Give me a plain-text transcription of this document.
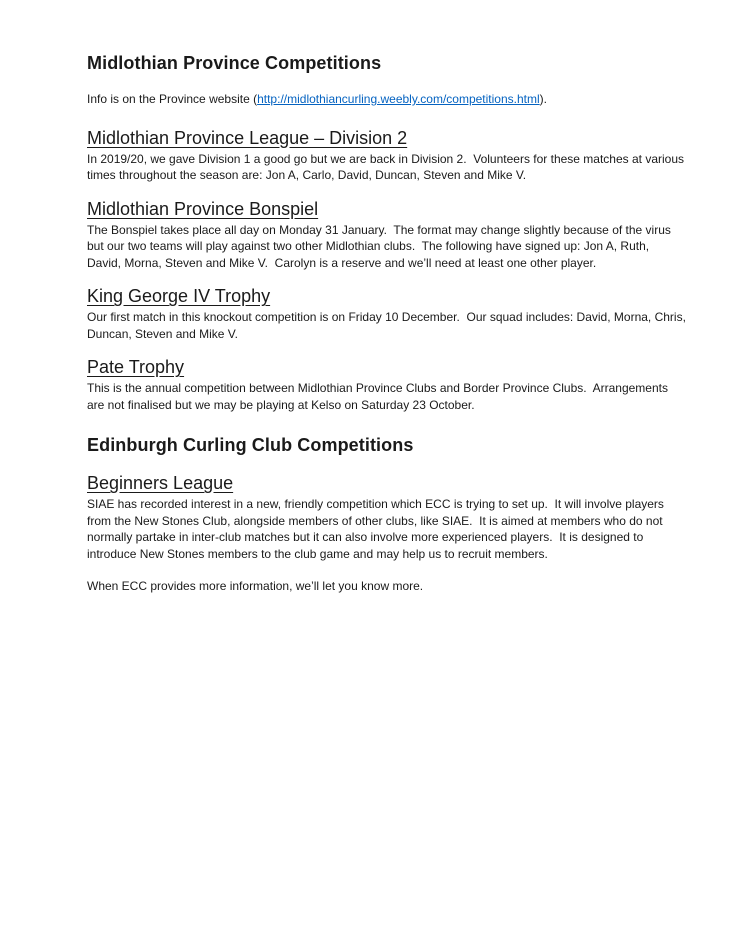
Midlothian Province Competitions

Info is on the Province website (http://midlothiancurling.weebly.com/competitions.html).

Midlothian Province League – Division 2

In 2019/20, we gave Division 1 a good go but we are back in Division 2.  Volunteers for these matches at various times throughout the season are: Jon A, Carlo, David, Duncan, Steven and Mike V.

Midlothian Province Bonspiel

The Bonspiel takes place all day on Monday 31 January.  The format may change slightly because of the virus but our two teams will play against two other Midlothian clubs.  The following have signed up: Jon A, Ruth, David, Morna, Steven and Mike V.  Carolyn is a reserve and we’ll need at least one other player.

King George IV Trophy

Our first match in this knockout competition is on Friday 10 December.  Our squad includes: David, Morna, Chris, Duncan, Steven and Mike V.

Pate Trophy

This is the annual competition between Midlothian Province Clubs and Border Province Clubs.  Arrangements are not finalised but we may be playing at Kelso on Saturday 23 October.

Edinburgh Curling Club Competitions
Beginners League

SIAE has recorded interest in a new, friendly competition which ECC is trying to set up.  It will involve players from the New Stones Club, alongside members of other clubs, like SIAE.  It is aimed at members who do not normally partake in inter-club matches but it can also involve more experienced players.  It is designed to introduce New Stones members to the club game and may help us to recruit members.

When ECC provides more information, we’ll let you know more.
